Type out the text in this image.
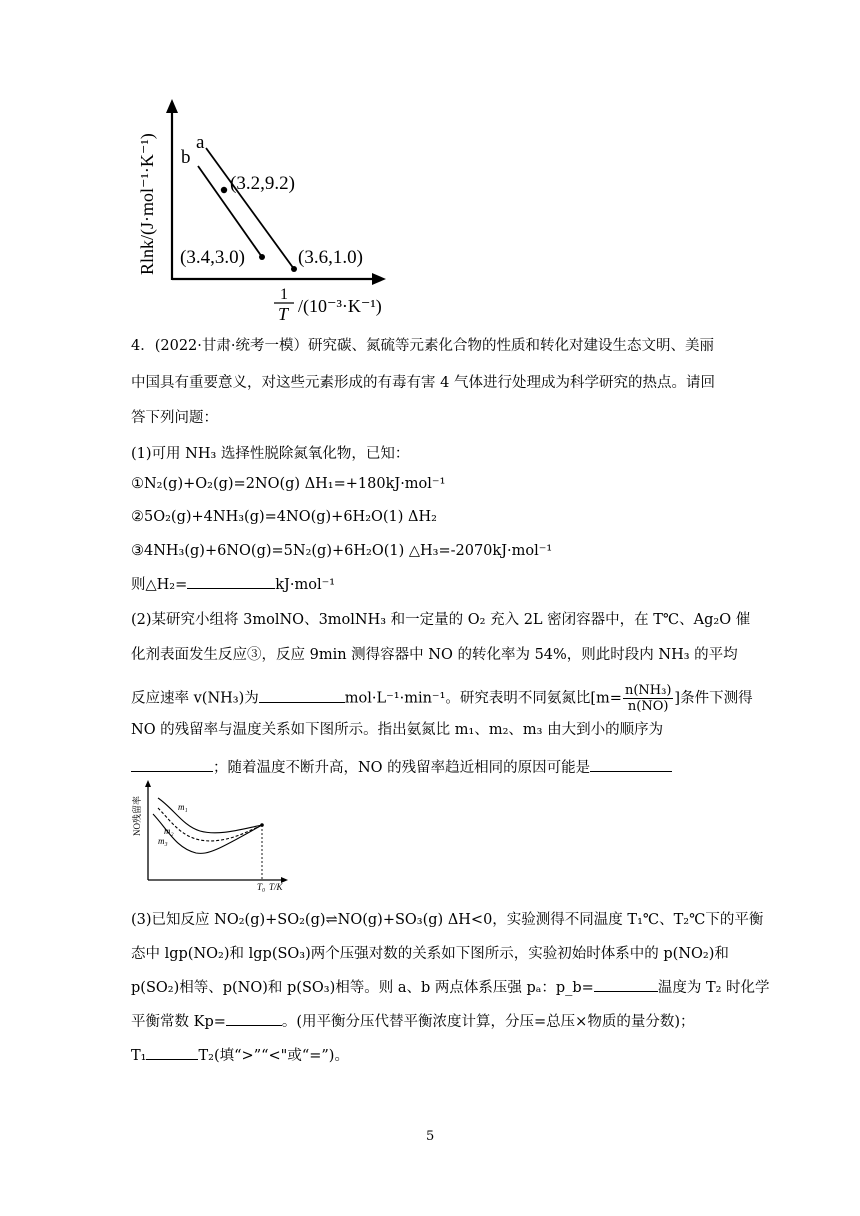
a
b
(3.2,9.2)
(3.4,3.0)	(3.6,1.0)
Rlnk/(J·mol⁻¹·K⁻¹)
1
T /(10⁻³·K⁻¹)
4．(2022·甘肃·统考一模）研究碳、氮硫等元素化合物的性质和转化对建设生态文明、美丽
中国具有重要意义，对这些元素形成的有毒有害 4 气体进行处理成为科学研究的热点。请回
答下列问题：
(1)可用 NH₃ 选择性脱除氮氧化物，已知：
①N₂(g)+O₂(g)=2NO(g) ΔH₁=+180kJ·mol⁻¹
②5O₂(g)+4NH₃(g)=4NO(g)+6H₂O(1) ΔH₂
③4NH₃(g)+6NO(g)=5N₂(g)+6H₂O(1) △H₃=-2070kJ·mol⁻¹
则△H₂=	kJ·mol⁻¹
(2)某研究小组将 3molNO、3molNH₃ 和一定量的 O₂ 充入 2L 密闭容器中，在 T℃、Ag₂O 催
化剂表面发生反应③，反应 9min 测得容器中 NO 的转化率为 54%，则此时段内 NH₃ 的平均
反应速率 v(NH₃)为	mol·L⁻¹·min⁻¹。研究表明不同氨氮比[$m= \frac{\text{n(NH₃)}}{n(NO)}$ ]条件下测得
NO 的残留率与温度关系如下图所示。指出氨氮比 m₁、m₂、m₃ 由大到小的顺序为
；随着温度不断升高，NO 的残留率趋近相同的原因可能是
NO残留率	m₁
m₂
m₃
T₀ T/K
(3)已知反应 NO₂(g)+SO₂(g)⇌NO(g)+SO₃(g) ΔH<0，实验测得不同温度 T₁℃、T₂℃下的平衡
态中 lgp(NO₂)和 lgp(SO₃)两个压强对数的关系如下图所示，实验初始时体系中的 p(NO₂)和
p(SO₂)相等、p(NO)和 p(SO₃)相等。则 a、b 两点体系压强 pₐ：p_b=	温度为 T₂ 时化学
平衡常数 Kp=	。(用平衡分压代替平衡浓度计算，分压=总压×物质的量分数)；
T₁	T₂(填“>”“<"或“=”)。
5
